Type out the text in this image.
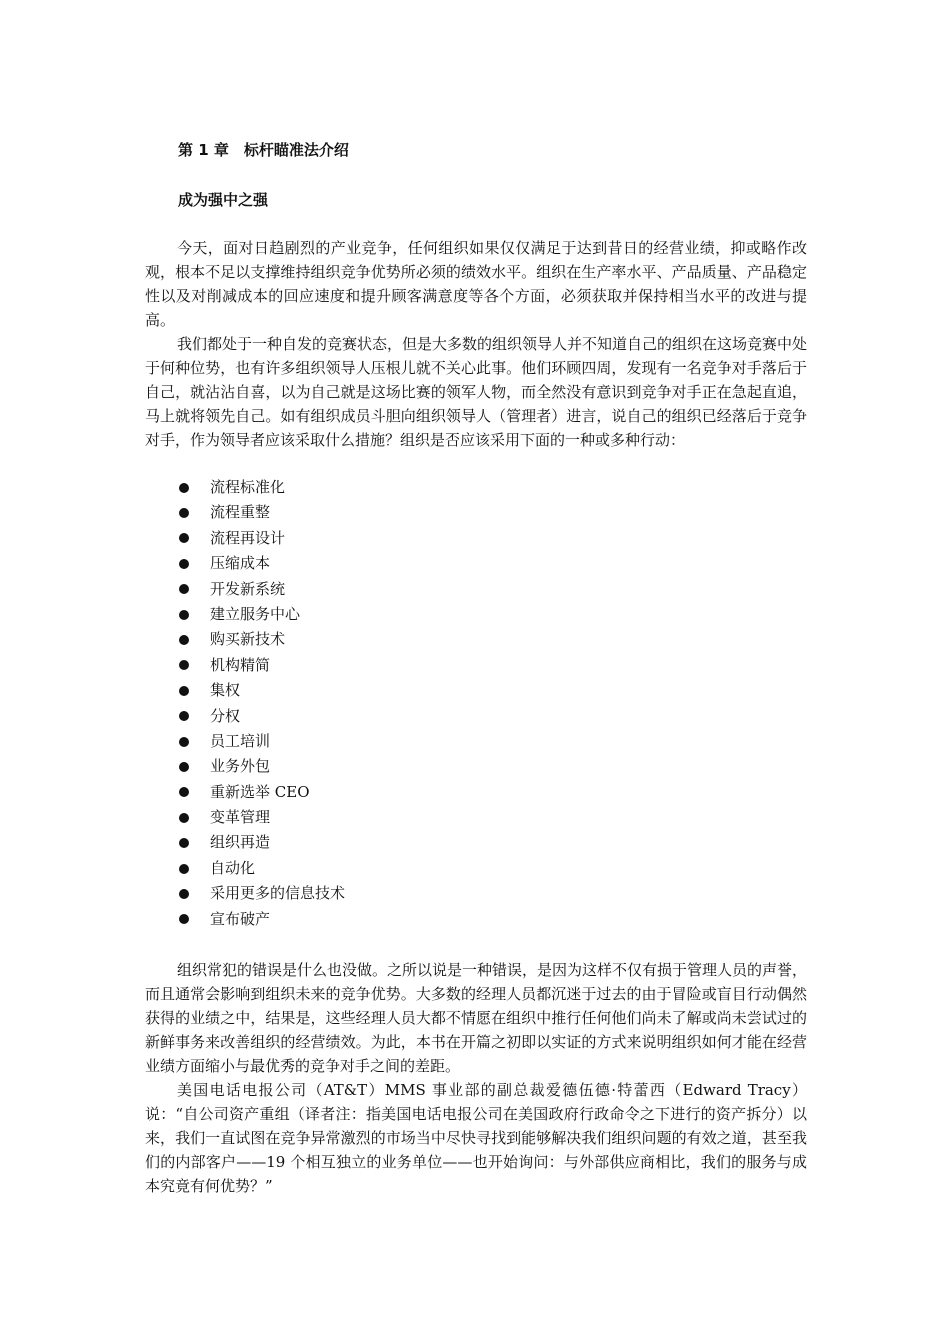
第 1 章　标杆瞄准法介绍
成为强中之强

今天，面对日趋剧烈的产业竞争，任何组织如果仅仅满足于达到昔日的经营业绩，抑或略作改观，根本不足以支撑维持组织竞争优势所必须的绩效水平。组织在生产率水平、产品质量、产品稳定性以及对削减成本的回应速度和提升顾客满意度等各个方面，必须获取并保持相当水平的改进与提高。

我们都处于一种自发的竞赛状态，但是大多数的组织领导人并不知道自己的组织在这场竞赛中处于何种位势，也有许多组织领导人压根儿就不关心此事。他们环顾四周，发现有一名竞争对手落后于自己，就沾沾自喜，以为自己就是这场比赛的领军人物，而全然没有意识到竞争对手正在急起直追，马上就将领先自己。如有组织成员斗胆向组织领导人（管理者）进言，说自己的组织已经落后于竞争对手，作为领导者应该采取什么措施？组织是否应该采用下面的一种或多种行动：

流程标准化
流程重整
流程再设计
压缩成本
开发新系统
建立服务中心
购买新技术
机构精简
集权
分权
员工培训
业务外包
重新选举 CEO
变革管理
组织再造
自动化
采用更多的信息技术
宣布破产

组织常犯的错误是什么也没做。之所以说是一种错误，是因为这样不仅有损于管理人员的声誉，而且通常会影响到组织未来的竞争优势。大多数的经理人员都沉迷于过去的由于冒险或盲目行动偶然获得的业绩之中，结果是，这些经理人员大都不情愿在组织中推行任何他们尚未了解或尚未尝试过的新鲜事务来改善组织的经营绩效。为此，本书在开篇之初即以实证的方式来说明组织如何才能在经营业绩方面缩小与最优秀的竞争对手之间的差距。

美国电话电报公司（AT&T）MMS 事业部的副总裁爱德伍德·特蕾西（Edward Tracy）说：“自公司资产重组（译者注：指美国电话电报公司在美国政府行政命令之下进行的资产拆分）以来，我们一直试图在竞争异常激烈的市场当中尽快寻找到能够解决我们组织问题的有效之道，甚至我们的内部客户——19 个相互独立的业务单位——也开始询问：与外部供应商相比，我们的服务与成本究竟有何优势？”
